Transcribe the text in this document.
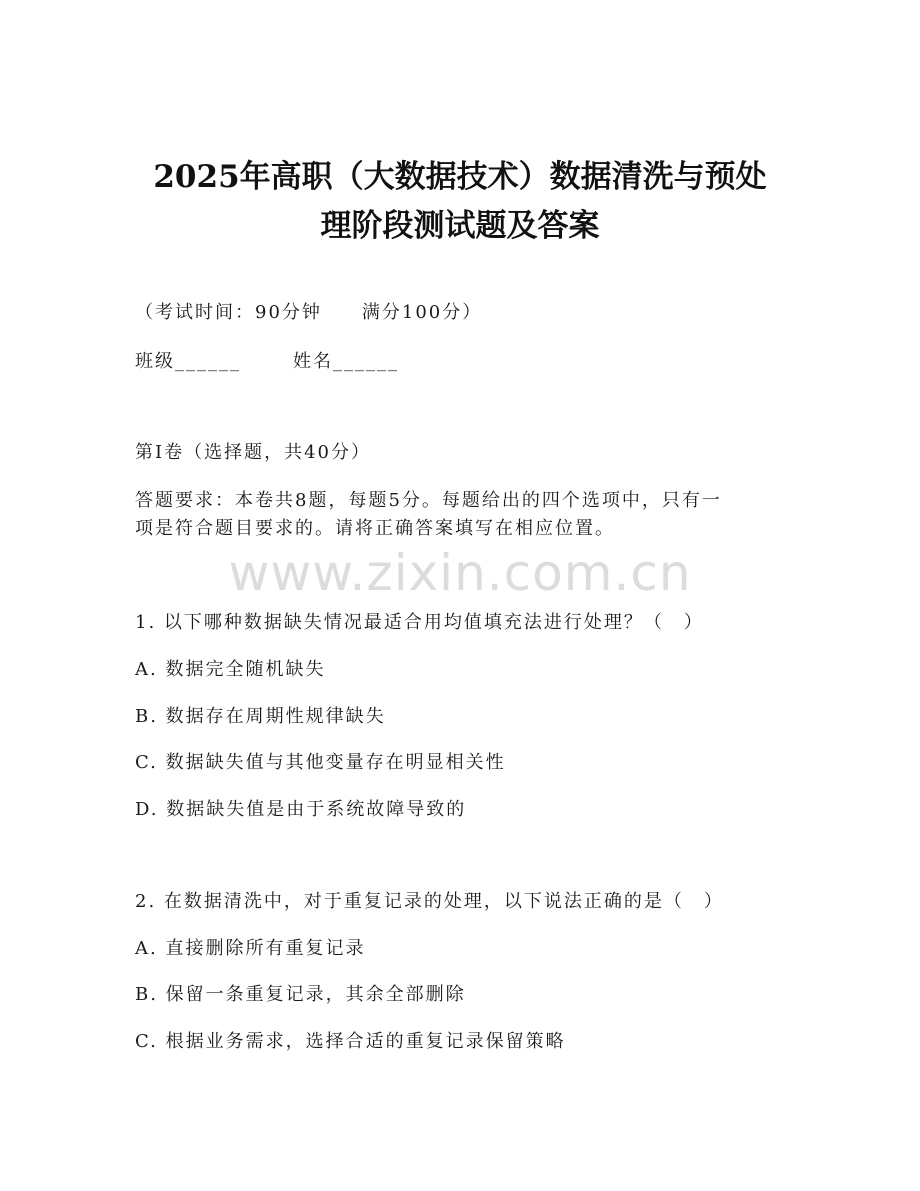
2025年高职（大数据技术）数据清洗与预处
理阶段测试题及答案
（考试时间：90分钟 满分100分）
班级______	姓名______
第I卷（选择题，共40分）
答题要求：本卷共8题，每题5分。每题给出的四个选项中，只有一
项是符合题目要求的。请将正确答案填写在相应位置。
www.zixin.com.cn
1. 以下哪种数据缺失情况最适合用均值填充法进行处理？（　）
A. 数据完全随机缺失
B. 数据存在周期性规律缺失
C. 数据缺失值与其他变量存在明显相关性
D. 数据缺失值是由于系统故障导致的
2. 在数据清洗中，对于重复记录的处理，以下说法正确的是（　）
A. 直接删除所有重复记录
B. 保留一条重复记录，其余全部删除
C. 根据业务需求，选择合适的重复记录保留策略
